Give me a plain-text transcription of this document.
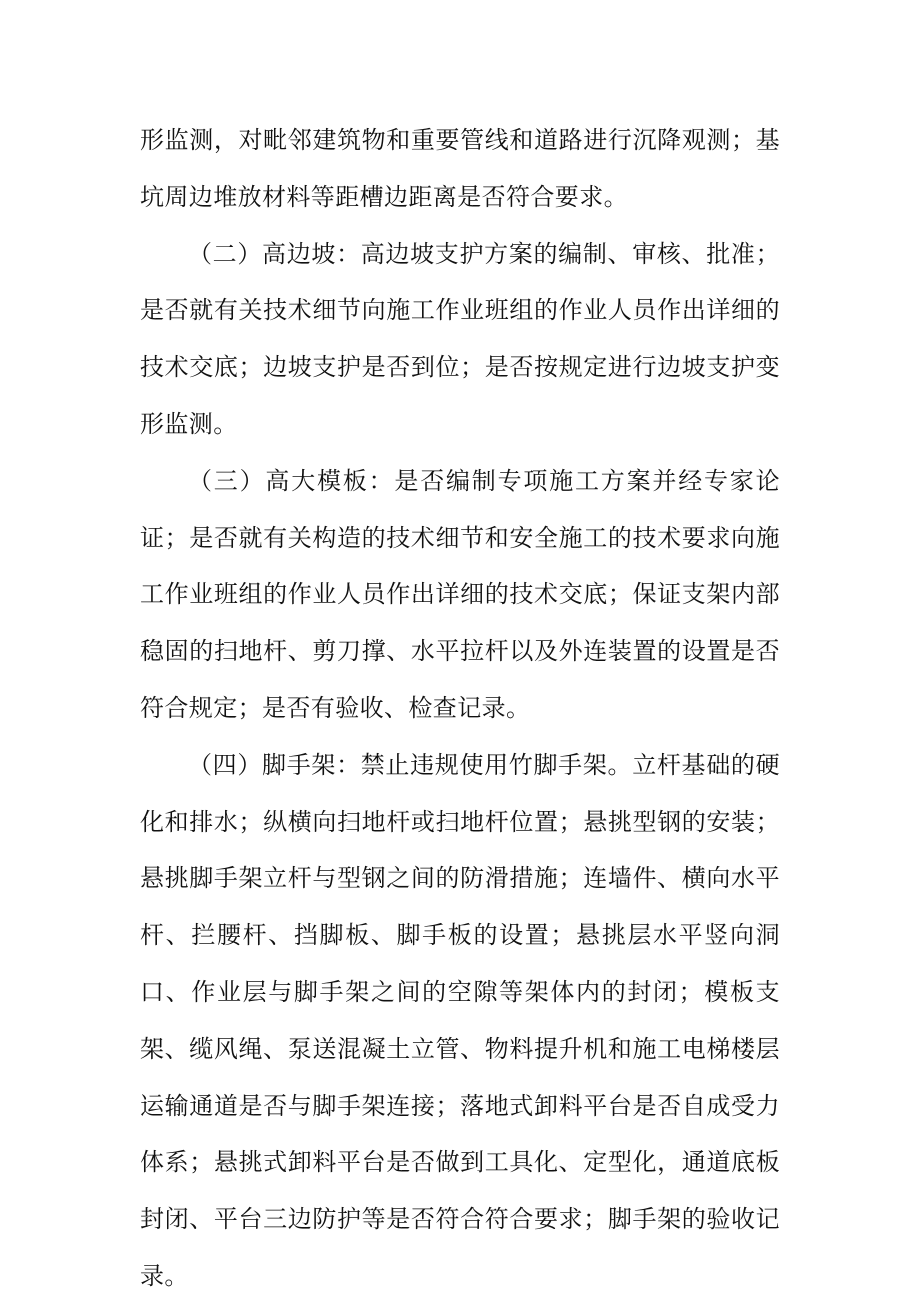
形监测，对毗邻建筑物和重要管线和道路进行沉降观测；基坑周边堆放材料等距槽边距离是否符合要求。

（二）高边坡：高边坡支护方案的编制、审核、批准；是否就有关技术细节向施工作业班组的作业人员作出详细的技术交底；边坡支护是否到位；是否按规定进行边坡支护变形监测。

（三）高大模板：是否编制专项施工方案并经专家论证；是否就有关构造的技术细节和安全施工的技术要求向施工作业班组的作业人员作出详细的技术交底；保证支架内部稳固的扫地杆、剪刀撑、水平拉杆以及外连装置的设置是否符合规定；是否有验收、检查记录。

（四）脚手架：禁止违规使用竹脚手架。立杆基础的硬化和排水；纵横向扫地杆或扫地杆位置；悬挑型钢的安装；悬挑脚手架立杆与型钢之间的防滑措施；连墙件、横向水平杆、拦腰杆、挡脚板、脚手板的设置；悬挑层水平竖向洞口、作业层与脚手架之间的空隙等架体内的封闭；模板支架、缆风绳、泵送混凝土立管、物料提升机和施工电梯楼层运输通道是否与脚手架连接；落地式卸料平台是否自成受力体系；悬挑式卸料平台是否做到工具化、定型化，通道底板封闭、平台三边防护等是否符合符合要求；脚手架的验收记录。
